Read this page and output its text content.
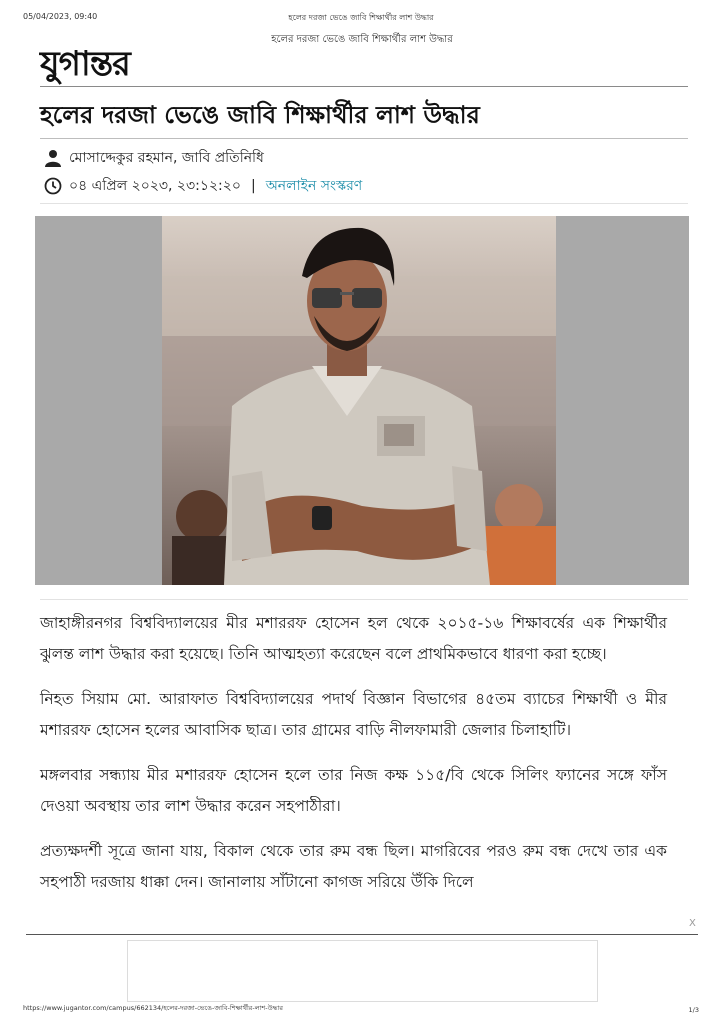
05/04/2023, 09:40	হলের দরজা ভেঙে জাবি শিক্ষার্থীর লাশ উদ্ধার
হলের দরজা ভেঙে জাবি শিক্ষার্থীর লাশ উদ্ধার
যুগান্তর
হলের দরজা ভেঙে জাবি শিক্ষার্থীর লাশ উদ্ধার
মোসাদ্দেকুর রহমান, জাবি প্রতিনিধি
০৪ এপ্রিল ২০২৩, ২৩:১২:২০ | অনলাইন সংস্করণ

জাহাঙ্গীরনগর বিশ্ববিদ্যালয়ের মীর মশাররফ হোসেন হল থেকে ২০১৫-১৬ শিক্ষাবর্ষের এক শিক্ষার্থীর ঝুলন্ত লাশ উদ্ধার করা হয়েছে। তিনি আত্মহত্যা করেছেন বলে প্রাথমিকভাবে ধারণা করা হচ্ছে।

নিহত সিয়াম মো. আরাফাত বিশ্ববিদ্যালয়ের পদার্থ বিজ্ঞান বিভাগের ৪৫তম ব্যাচের শিক্ষার্থী ও মীর মশাররফ হোসেন হলের আবাসিক ছাত্র। তার গ্রামের বাড়ি নীলফামারী জেলার চিলাহাটি।

মঙ্গলবার সন্ধ্যায় মীর মশাররফ হোসেন হলে তার নিজ কক্ষ ১১৫/বি থেকে সিলিং ফ্যানের সঙ্গে ফাঁস দেওয়া অবস্থায় তার লাশ উদ্ধার করেন সহপাঠীরা।

প্রত্যক্ষদর্শী সূত্রে জানা যায়, বিকাল থেকে তার রুম বন্ধ ছিল। মাগরিবের পরও রুম বন্ধ দেখে তার এক সহপাঠী দরজায় ধাক্কা দেন। জানালায় সাঁটানো কাগজ সরিয়ে উঁকি দিলে

X
https://www.jugantor.com/campus/662134/হলের-দরজা-ভেঙে-জাবি-শিক্ষার্থীর-লাশ-উদ্ধার	1/3
